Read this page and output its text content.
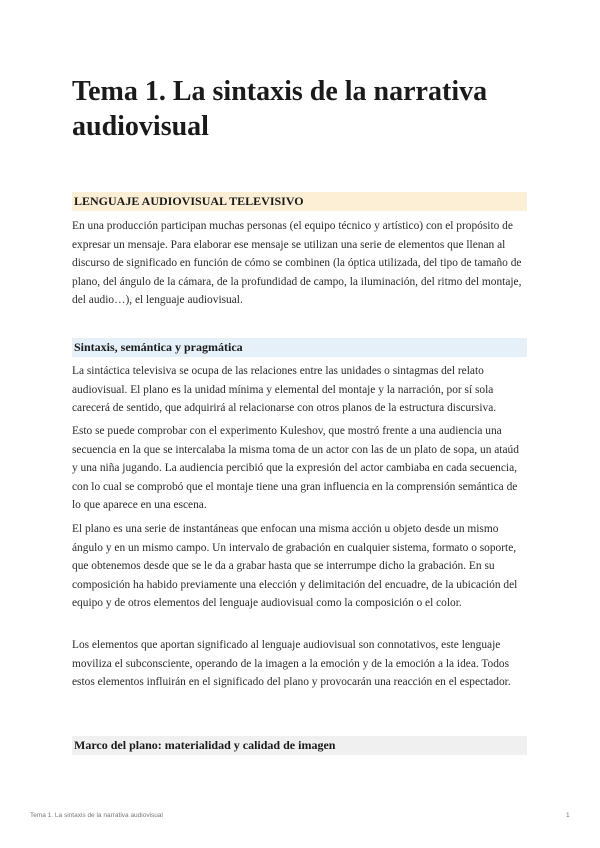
Tema 1. La sintaxis de la narrativa audiovisual
LENGUAJE AUDIOVISUAL TELEVISIVO

En una producción participan muchas personas (el equipo técnico y artístico) con el propósito de expresar un mensaje. Para elaborar ese mensaje se utilizan una serie de elementos que llenan al discurso de significado en función de cómo se combinen (la óptica utilizada, del tipo de tamaño de plano, del ángulo de la cámara, de la profundidad de campo, la iluminación, del ritmo del montaje, del audio…), el lenguaje audiovisual.

Sintaxis, semántica y pragmática

La sintáctica televisiva se ocupa de las relaciones entre las unidades o sintagmas del relato audiovisual. El plano es la unidad mínima y elemental del montaje y la narración, por sí sola carecerá de sentido, que adquirirá al relacionarse con otros planos de la estructura discursiva.

Esto se puede comprobar con el experimento Kuleshov, que mostró frente a una audiencia una secuencia en la que se intercalaba la misma toma de un actor con las de un plato de sopa, un ataúd y una niña jugando. La audiencia percibió que la expresión del actor cambiaba en cada secuencia, con lo cual se comprobó que el montaje tiene una gran influencia en la comprensión semántica de lo que aparece en una escena.

El plano es una serie de instantáneas que enfocan una misma acción u objeto desde un mismo ángulo y en un mismo campo. Un intervalo de grabación en cualquier sistema, formato o soporte, que obtenemos desde que se le da a grabar hasta que se interrumpe dicho la grabación. En su composición ha habido previamente una elección y delimitación del encuadre, de la ubicación del equipo y de otros elementos del lenguaje audiovisual como la composición o el color.

Los elementos que aportan significado al lenguaje audiovisual son connotativos, este lenguaje moviliza el subconsciente, operando de la imagen a la emoción y de la emoción a la idea. Todos estos elementos influirán en el significado del plano y provocarán una reacción en el espectador.

Marco del plano: materialidad y calidad de imagen
Tema 1. La sintaxis de la narrativa audiovisual	1
